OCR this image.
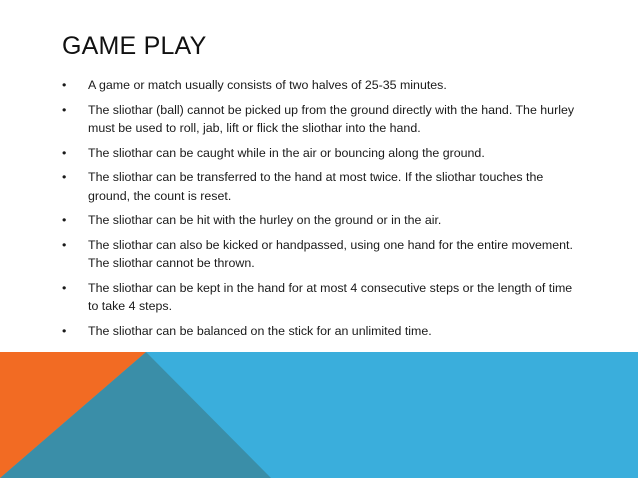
GAME PLAY
•	A game or match usually consists of two halves of 25-35 minutes.
•	The sliothar (ball) cannot be picked up from the ground directly with the hand. The hurley must be used to roll, jab, lift or flick the sliothar into the hand.
•	The sliothar can be caught while in the air or bouncing along the ground.
•	The sliothar can be transferred to the hand at most twice. If the sliothar touches the ground, the count is reset.
•	The sliothar can be hit with the hurley on the ground or in the air.
•	The sliothar can also be kicked or handpassed, using one hand for the entire movement. The sliothar cannot be thrown.
•	The sliothar can be kept in the hand for at most 4 consecutive steps or the length of time to take 4 steps.
•	The sliothar can be balanced on the stick for an unlimited time.
